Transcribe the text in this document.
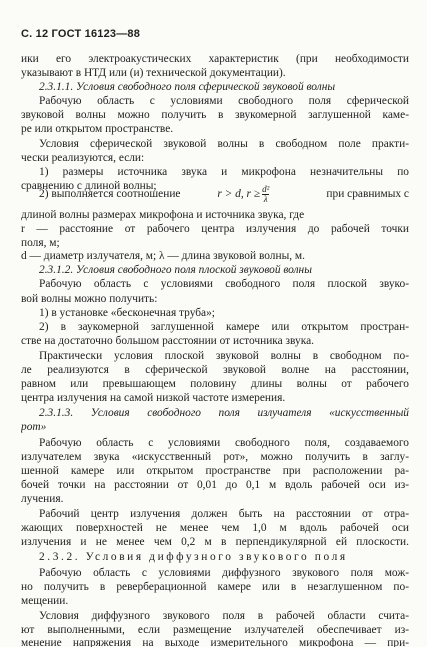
С. 12 ГОСТ 16123—88
ики его электроакустических характеристик (при необходимости
указывают в НТД или (и) технической документации).
2.3.1.1. Условия свободного поля сферической звуковой волны
Рабочую область с условиями свободного поля сферической
звуковой волны можно получить в звукомерной заглушенной каме-
ре или открытом пространстве.
Условия сферической звуковой волны в свободном поле практи-
чески реализуются, если:
1) размеры источника звука и микрофона незначительны по
сравнению с длиной волны;
2) выполняется соотношение	r > d, $r \ge \frac{\text{d²}}{\lambda}$	при сравнимых с
длиной волны размерах микрофона и источника звука, где
r — расстояние от рабочего центра излучения до рабочей точки
поля, м;
d — диаметр излучателя, м; λ — длина звуковой волны, м.
2.3.1.2. Условия свободного поля плоской звуковой волны
Рабочую область с условиями свободного поля плоской звуко-
вой волны можно получить:
1) в установке «бесконечная труба»;
2) в заукомерной заглушенной камере или открытом простран-
стве на достаточно большом расстоянии от источника звука.
Практически условия плоской звуковой волны в свободном по-
ле реализуются в сферической звуковой волне на расстоянии,
равном или превышающем половину длины волны от рабочего
центра излучения на самой низкой частоте измерения.
2.3.1.3. Условия свободного поля излучателя «искусственный
рот»
Рабочую область с условиями свободного поля, создаваемого
излучателем звука «искусственный рот», можно получить в заглу-
шенной камере или открытом пространстве при расположении ра-
бочей точки на расстоянии от 0,01 до 0,1 м вдоль рабочей оси из-
лучения.
Рабочий центр излучения должен быть на расстоянии от отра-
жающих поверхностей не менее чем 1,0 м вдоль рабочей оси
излучения и не менее чем 0,2 м в перпендикулярной ей плоскости.
2.3.2. Условия диффузного звукового поля
Рабочую область с условиями диффузного звукового поля мож-
но получить в реверберационной камере или в незаглушенном по-
мещении.
Условия диффузного звукового поля в рабочей области счита-
ют выполненными, если размещение излучателей обеспечивает из-
менение напряжения на выходе измерительного микрофона — при-
